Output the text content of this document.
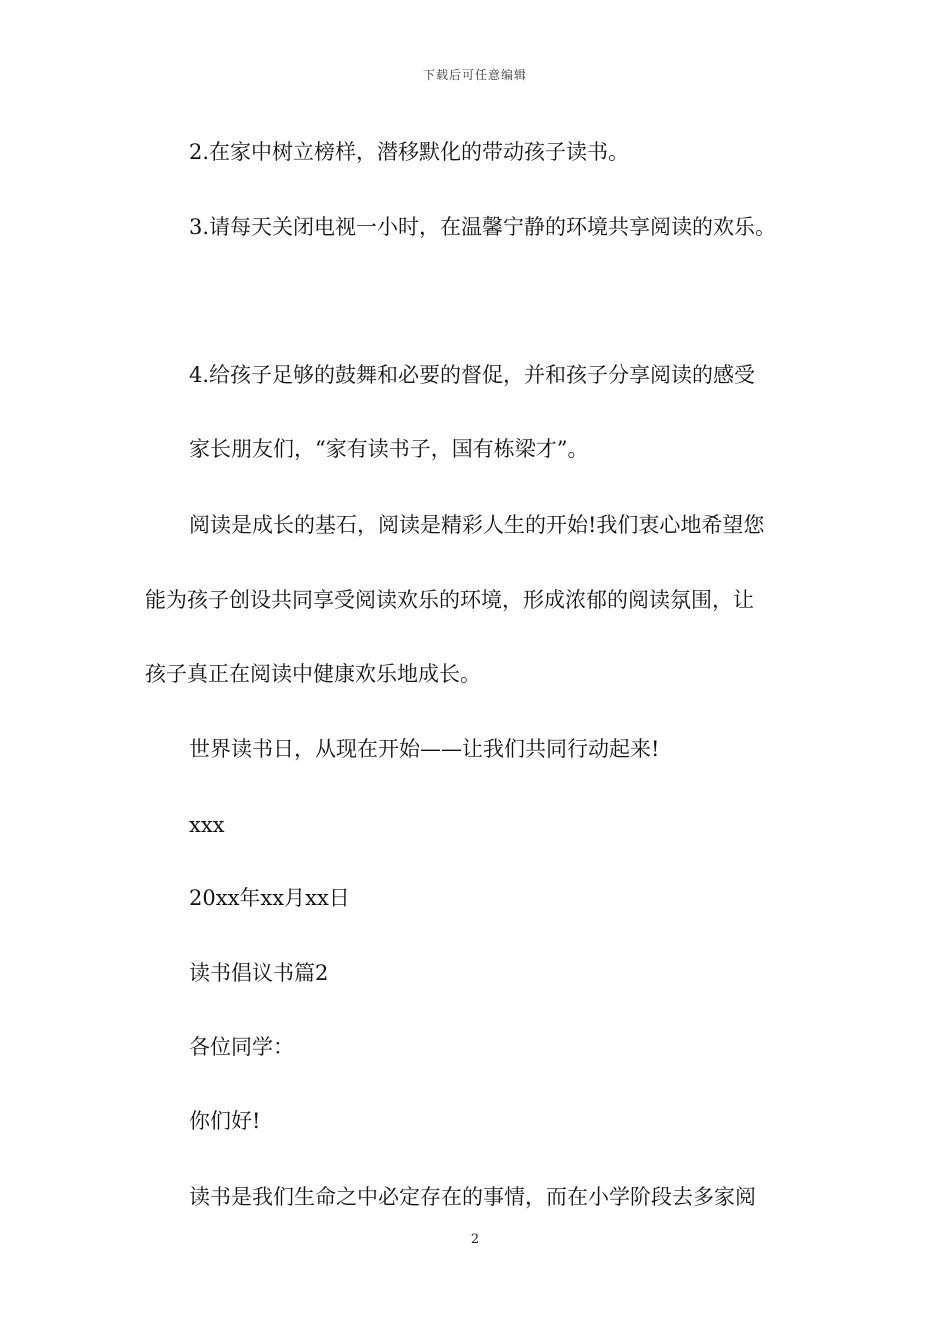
下载后可任意编辑
2.在家中树立榜样，潜移默化的带动孩子读书。
3.请每天关闭电视一小时，在温馨宁静的环境共享阅读的欢乐。
4.给孩子足够的鼓舞和必要的督促，并和孩子分享阅读的感受
家长朋友们，“家有读书子，国有栋梁才”。
阅读是成长的基石，阅读是精彩人生的开始!我们衷心地希望您
能为孩子创设共同享受阅读欢乐的环境，形成浓郁的阅读氛围，让
孩子真正在阅读中健康欢乐地成长。
世界读书日，从现在开始——让我们共同行动起来!
xxx
20xx年xx月xx日
读书倡议书篇2
各位同学：
你们好!
读书是我们生命之中必定存在的事情，而在小学阶段去多家阅
2
